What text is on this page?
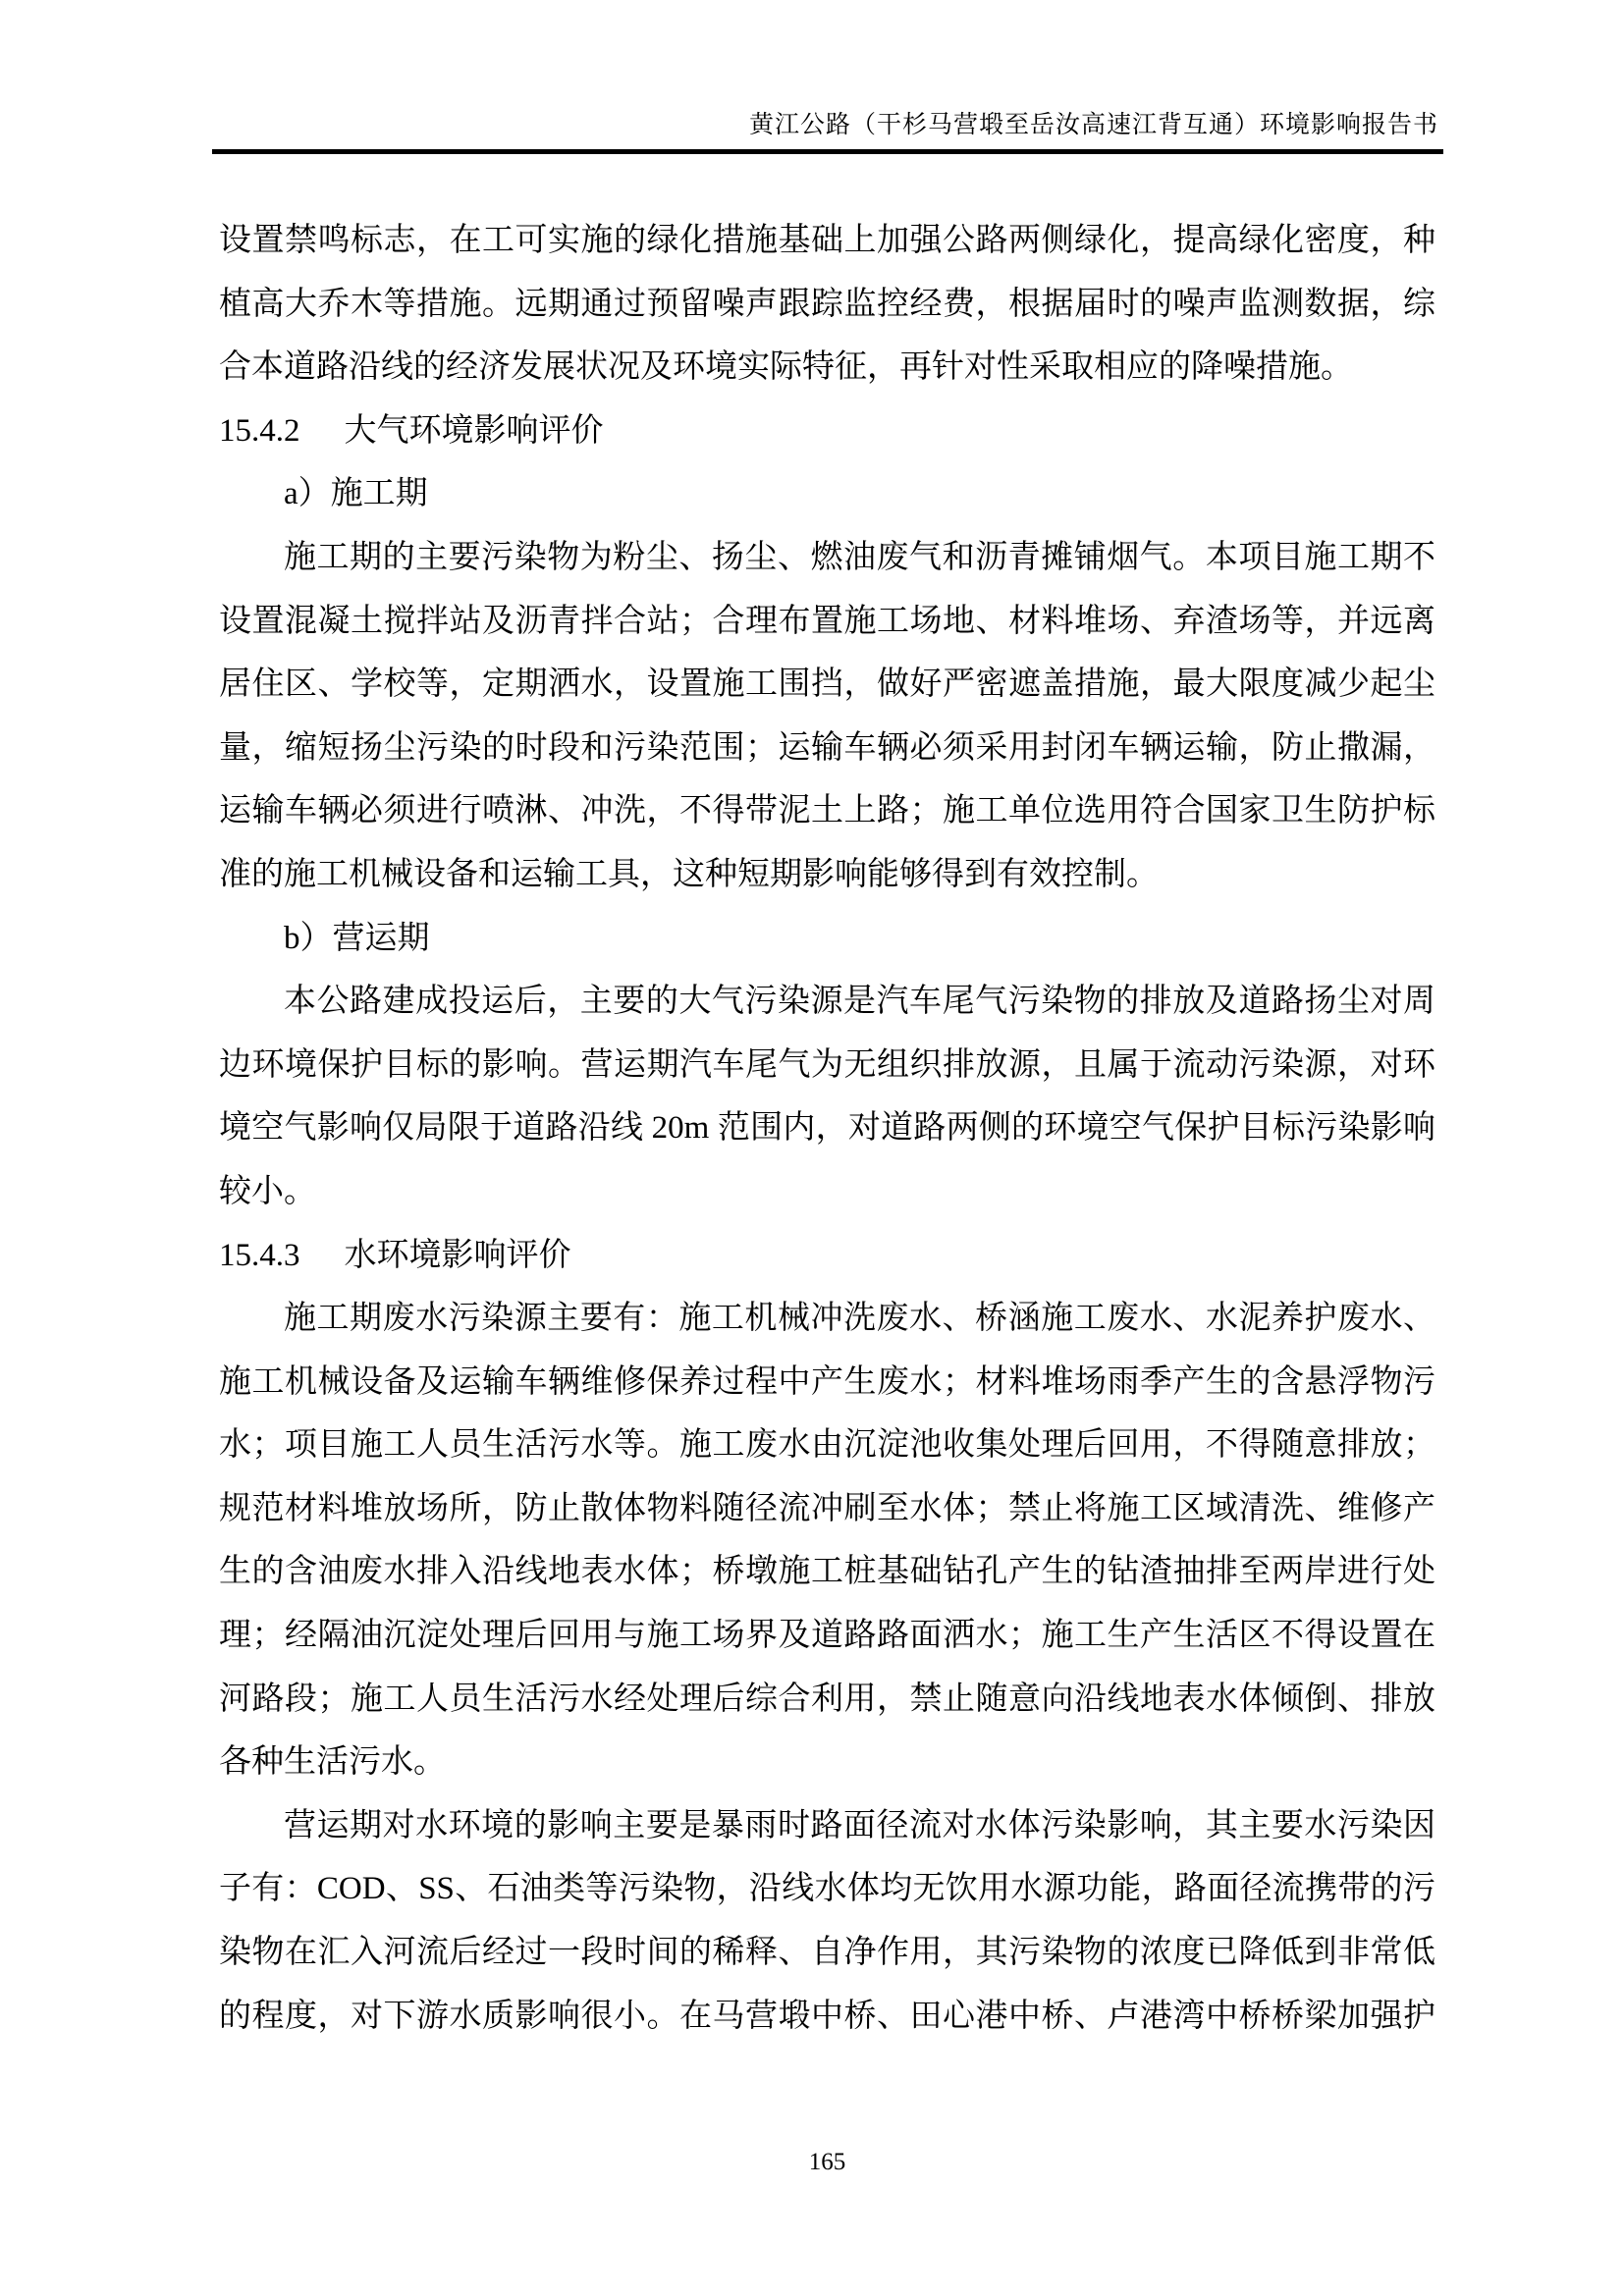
黄江公路（干杉马营塅至岳汝高速江背互通）环境影响报告书
设置禁鸣标志，在工可实施的绿化措施基础上加强公路两侧绿化，提高绿化密度，种
植高大乔木等措施。远期通过预留噪声跟踪监控经费，根据届时的噪声监测数据，综
合本道路沿线的经济发展状况及环境实际特征，再针对性采取相应的降噪措施。
15.4.2 大气环境影响评价
a）施工期
施工期的主要污染物为粉尘、扬尘、燃油废气和沥青摊铺烟气。本项目施工期不
设置混凝土搅拌站及沥青拌合站；合理布置施工场地、材料堆场、弃渣场等，并远离
居住区、学校等，定期洒水，设置施工围挡，做好严密遮盖措施，最大限度减少起尘
量，缩短扬尘污染的时段和污染范围；运输车辆必须采用封闭车辆运输，防止撒漏，
运输车辆必须进行喷淋、冲洗，不得带泥土上路；施工单位选用符合国家卫生防护标
准的施工机械设备和运输工具，这种短期影响能够得到有效控制。
b）营运期
本公路建成投运后，主要的大气污染源是汽车尾气污染物的排放及道路扬尘对周
边环境保护目标的影响。营运期汽车尾气为无组织排放源，且属于流动污染源，对环
境空气影响仅局限于道路沿线 20m 范围内，对道路两侧的环境空气保护目标污染影响
较小。
15.4.3 水环境影响评价
施工期废水污染源主要有：施工机械冲洗废水、桥涵施工废水、水泥养护废水、
施工机械设备及运输车辆维修保养过程中产生废水；材料堆场雨季产生的含悬浮物污
水；项目施工人员生活污水等。施工废水由沉淀池收集处理后回用，不得随意排放；
规范材料堆放场所，防止散体物料随径流冲刷至水体；禁止将施工区域清洗、维修产
生的含油废水排入沿线地表水体；桥墩施工桩基础钻孔产生的钻渣抽排至两岸进行处
理；经隔油沉淀处理后回用与施工场界及道路路面洒水；施工生产生活区不得设置在
河路段；施工人员生活污水经处理后综合利用，禁止随意向沿线地表水体倾倒、排放
各种生活污水。
营运期对水环境的影响主要是暴雨时路面径流对水体污染影响，其主要水污染因
子有：COD、SS、石油类等污染物，沿线水体均无饮用水源功能，路面径流携带的污
染物在汇入河流后经过一段时间的稀释、自净作用，其污染物的浓度已降低到非常低
的程度，对下游水质影响很小。在马营塅中桥、田心港中桥、卢港湾中桥桥梁加强护
165
